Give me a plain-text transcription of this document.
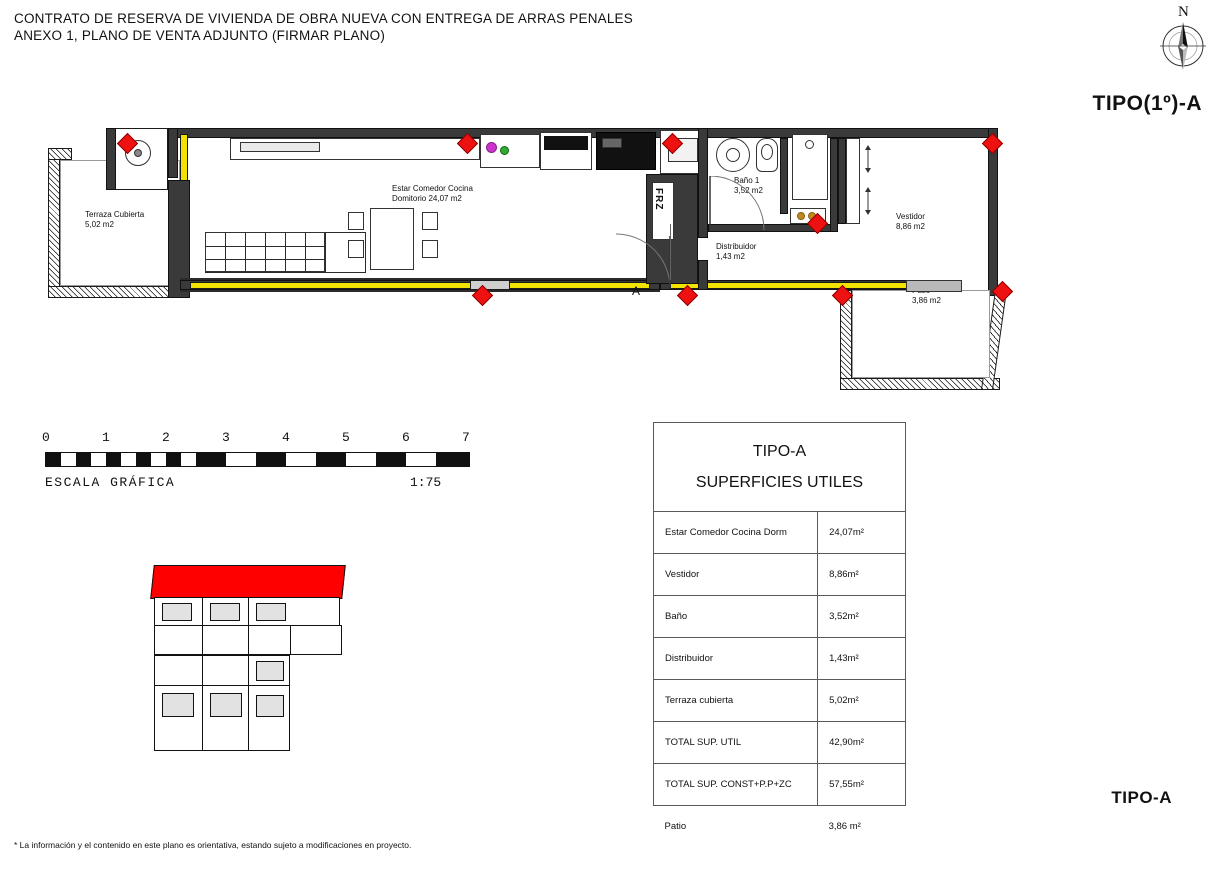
CONTRATO DE RESERVA DE VIVIENDA DE OBRA NUEVA CON ENTREGA DE ARRAS PENALES
ANEXO 1, PLANO DE VENTA ADJUNTO (FIRMAR PLANO)
N
TIPO(1º)-A
TIPO-A
Terraza Cubierta
5,02 m2
FRZ
Estar Comedor Cocina
Domitorio 24,07 m2
Baño 1
3,52 m2
Distribuidor
1,43 m2
Vestidor
8,86 m2
3,86 m2
A
0	1	2	3	4	5	6	7
ESCALA GRÁFICA	1:75
TIPO-A
SUPERFICIES UTILES	

Estar Comedor Cocina Dorm	24,07m²
Vestidor	8,86m²
Baño	3,52m²
Distribuidor	1,43m²
Terraza cubierta	5,02m²
TOTAL SUP. UTIL	42,90m²
TOTAL SUP. CONST+P.P+ZC	57,55m²
Patio	3,86 m²
* La información y el contenido en este plano es orientativa, estando sujeto a modificaciones en proyecto.
